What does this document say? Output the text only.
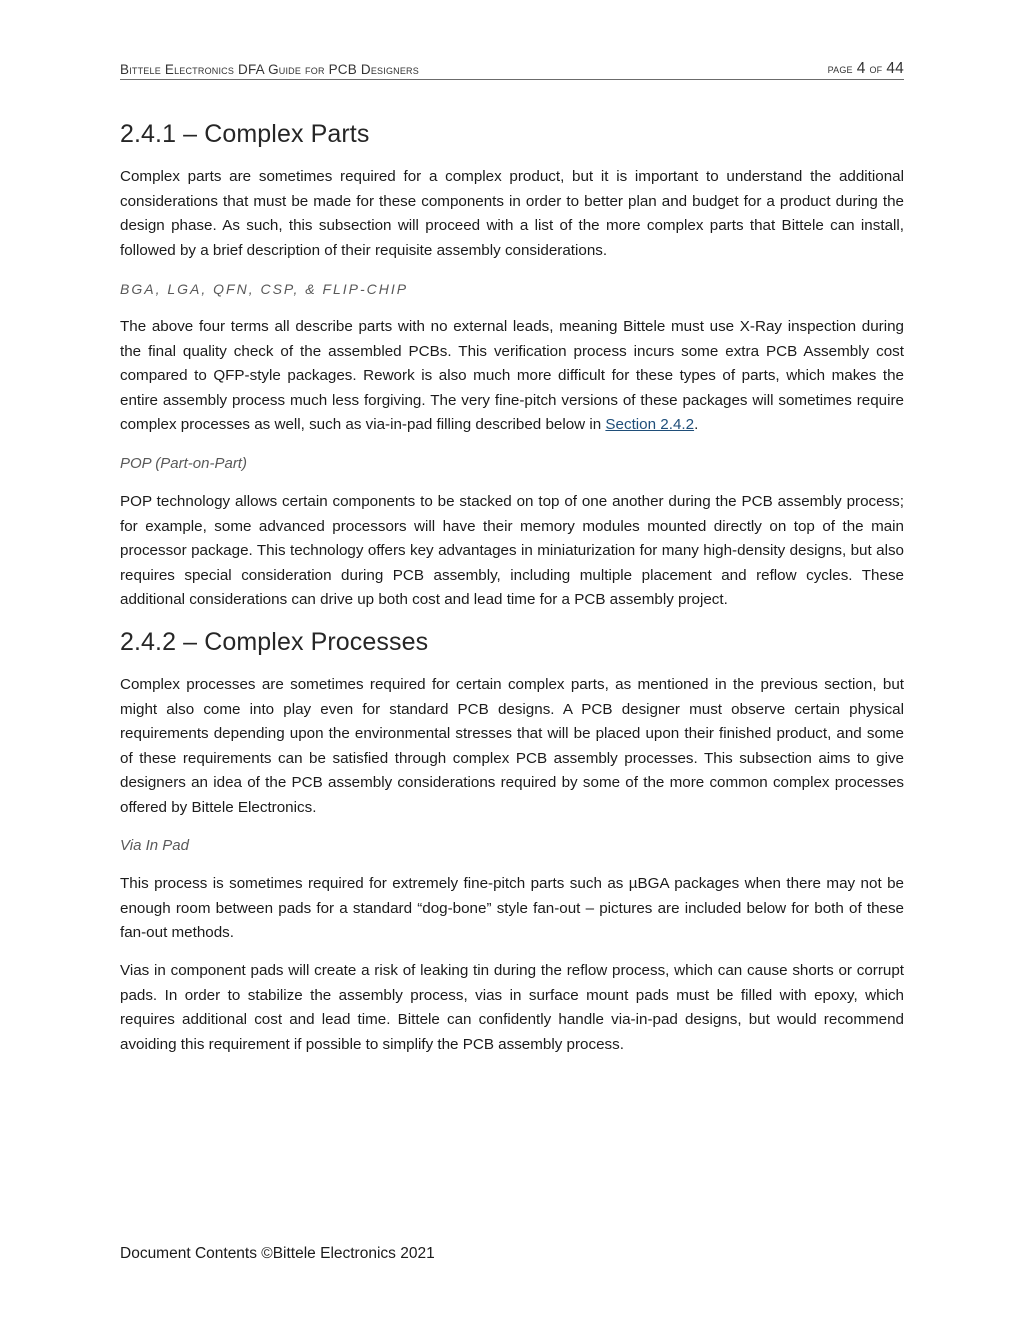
Bittele Electronics DFA Guide for PCB Designers	page 4 of 44
2.4.1 – Complex Parts

Complex parts are sometimes required for a complex product, but it is important to understand the additional considerations that must be made for these components in order to better plan and budget for a product during the design phase. As such, this subsection will proceed with a list of the more complex parts that Bittele can install, followed by a brief description of their requisite assembly considerations.

BGA, LGA, QFN, CSP, & FLIP-CHIP

The above four terms all describe parts with no external leads, meaning Bittele must use X-Ray inspection during the final quality check of the assembled PCBs. This verification process incurs some extra PCB Assembly cost compared to QFP-style packages. Rework is also much more difficult for these types of parts, which makes the entire assembly process much less forgiving. The very fine-pitch versions of these packages will sometimes require complex processes as well, such as via-in-pad filling described below in Section 2.4.2.

POP (Part-on-Part)

POP technology allows certain components to be stacked on top of one another during the PCB assembly process; for example, some advanced processors will have their memory modules mounted directly on top of the main processor package. This technology offers key advantages in miniaturization for many high-density designs, but also requires special consideration during PCB assembly, including multiple placement and reflow cycles. These additional considerations can drive up both cost and lead time for a PCB assembly project.

2.4.2 – Complex Processes

Complex processes are sometimes required for certain complex parts, as mentioned in the previous section, but might also come into play even for standard PCB designs. A PCB designer must observe certain physical requirements depending upon the environmental stresses that will be placed upon their finished product, and some of these requirements can be satisfied through complex PCB assembly processes. This subsection aims to give designers an idea of the PCB assembly considerations required by some of the more common complex processes offered by Bittele Electronics.

Via In Pad

This process is sometimes required for extremely fine-pitch parts such as µBGA packages when there may not be enough room between pads for a standard “dog-bone” style fan-out – pictures are included below for both of these fan-out methods.

Vias in component pads will create a risk of leaking tin during the reflow process, which can cause shorts or corrupt pads. In order to stabilize the assembly process, vias in surface mount pads must be filled with epoxy, which requires additional cost and lead time. Bittele can confidently handle via-in-pad designs, but would recommend avoiding this requirement if possible to simplify the PCB assembly process.

Document Contents ©Bittele Electronics 2021
